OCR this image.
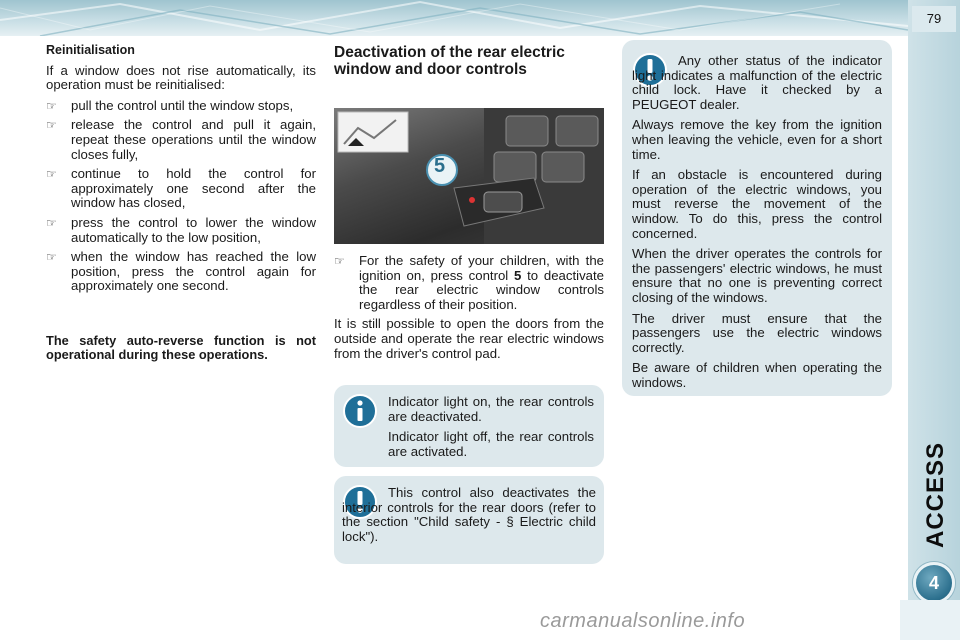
79
ACCESS
4
Reinitialisation

If a window does not rise automatically, its operation must be reinitialised:

☞ pull the control until the window stops,
☞ release the control and pull it again, repeat these operations until the window closes fully,
☞ continue to hold the control for approximately one second after the window has closed,
☞ press the control to lower the window automatically to the low position,
☞ when the window has reached the low position, press the control again for approximately one second.
The safety auto-reverse function is not operational during these operations.
Deactivation of the rear electric window and door controls
5
☞ For the safety of your children, with the ignition on, press control 5 to deactivate the rear electric window controls regardless of their position.

It is still possible to open the doors from the outside and operate the rear electric windows from the driver's control pad.

Indicator light on, the rear controls are deactivated.

Indicator light off, the rear controls are activated.

This control also deactivates the interior controls for the rear doors (refer to the section "Child safety - § Electric child lock").

Any other status of the indicator light indicates a malfunction of the electric child lock. Have it checked by a PEUGEOT dealer.

Always remove the key from the ignition when leaving the vehicle, even for a short time.

If an obstacle is encountered during operation of the electric windows, you must reverse the movement of the window. To do this, press the control concerned.

When the driver operates the controls for the passengers' electric windows, he must ensure that no one is preventing correct closing of the windows.

The driver must ensure that the passengers use the electric windows correctly.

Be aware of children when operating the windows.

carmanualsonline.info
